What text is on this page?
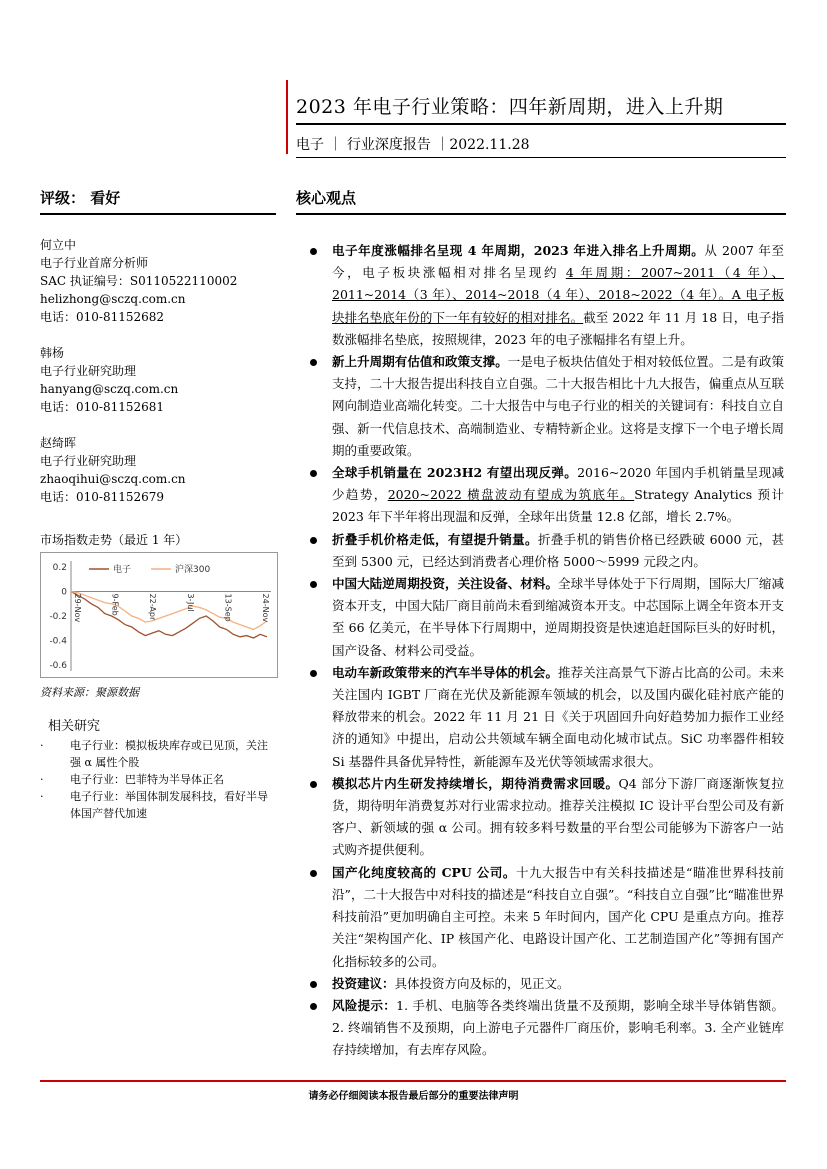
2023 年电子行业策略：四年新周期，进入上升期
电子 ｜ 行业深度报告 ｜2022.11.28
评级： 看好	核心观点
何立中
电子行业首席分析师
SAC 执证编号：S0110522110002
helizhong@sczq.com.cn
电话：010-81152682
韩杨
电子行业研究助理
hanyang@sczq.com.cn
电话：010-81152681
赵绮晖
电子行业研究助理
zhaoqihui@sczq.com.cn
电话：010-81152679
市场指数走势（最近 1 年）
0.2
0
-0.2
-0.4
-0.6
29-Nov	9-Feb	22-Apr	3-Jul	13-Sep	24-Nov
电子	沪深300
资料来源：聚源数据
相关研究
· 电子行业：模拟板块库存或已见顶，关注强 α 属性个股
· 电子行业：巴菲特为半导体正名
· 电子行业：举国体制发展科技，看好半导体国产替代加速
电子年度涨幅排名呈现 4 年周期，2023 年进入排名上升周期。从 2007 年至今，电子板块涨幅相对排名呈现约 4 年周期：2007~2011（4 年）、2011~2014（3 年）、2014~2018（4 年）、2018~2022（4 年）。A 电子板块排名垫底年份的下一年有较好的相对排名。截至 2022 年 11 月 18 日，电子指数涨幅排名垫底，按照规律，2023 年的电子涨幅排名有望上升。
新上升周期有估值和政策支撑。一是电子板块估值处于相对较低位置。二是有政策支持，二十大报告提出科技自立自强。二十大报告相比十九大报告，偏重点从互联网向制造业高端化转变。二十大报告中与电子行业的相关的关键词有：科技自立自强、新一代信息技术、高端制造业、专精特新企业。这将是支撑下一个电子增长周期的重要政策。
全球手机销量在 2023H2 有望出现反弹。2016~2020 年国内手机销量呈现减少趋势，2020~2022 横盘波动有望成为筑底年。Strategy Analytics 预计 2023 年下半年将出现温和反弹，全球年出货量 12.8 亿部，增长 2.7%。
折叠手机价格走低，有望提升销量。折叠手机的销售价格已经跌破 6000 元，甚至到 5300 元，已经达到消费者心理价格 5000～5999 元段之内。
中国大陆逆周期投资，关注设备、材料。全球半导体处于下行周期，国际大厂缩减资本开支，中国大陆厂商目前尚未看到缩减资本开支。中芯国际上调全年资本开支至 66 亿美元，在半导体下行周期中，逆周期投资是快速追赶国际巨头的好时机，国产设备、材料公司受益。
电动车新政策带来的汽车半导体的机会。推荐关注高景气下游占比高的公司。未来关注国内 IGBT 厂商在光伏及新能源车领域的机会，以及国内碳化硅衬底产能的释放带来的机会。2022 年 11 月 21 日《关于巩固回升向好趋势加力振作工业经济的通知》中提出，启动公共领域车辆全面电动化城市试点。SiC 功率器件相较 Si 基器件具备优异特性，新能源车及光伏等领域需求很大。
模拟芯片内生研发持续增长，期待消费需求回暖。Q4 部分下游厂商逐渐恢复拉货，期待明年消费复苏对行业需求拉动。推荐关注模拟 IC 设计平台型公司及有新客户、新领域的强 α 公司。拥有较多料号数量的平台型公司能够为下游客户一站式购齐提供便利。
国产化纯度较高的 CPU 公司。十九大报告中有关科技描述是“瞄准世界科技前沿”，二十大报告中对科技的描述是“科技自立自强”。“科技自立自强”比“瞄准世界科技前沿”更加明确自主可控。未来 5 年时间内，国产化 CPU 是重点方向。推荐关注“架构国产化、IP 核国产化、电路设计国产化、工艺制造国产化”等拥有国产化指标较多的公司。
投资建议：具体投资方向及标的，见正文。
风险提示：1. 手机、电脑等各类终端出货量不及预期，影响全球半导体销售额。2. 终端销售不及预期，向上游电子元器件厂商压价，影响毛利率。3. 全产业链库存持续增加，有去库存风险。
请务必仔细阅读本报告最后部分的重要法律声明
